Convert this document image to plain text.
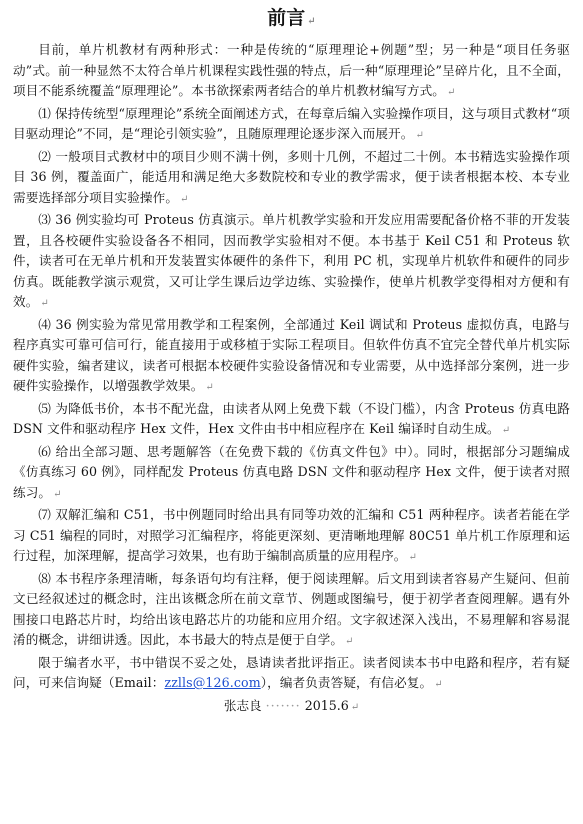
前言 ↵

目前，单片机教材有两种形式：一种是传统的“原理理论+例题”型；另一种是“项目任务驱动”式。前一种显然不太符合单片机课程实践性强的特点，后一种“原理理论”呈碎片化，且不全面，项目不能系统覆盖“原理理论”。本书欲探索两者结合的单片机教材编写方式。 ↵

⑴ 保持传统型“原理理论”系统全面阐述方式，在每章后编入实验操作项目，这与项目式教材“项目驱动理论”不同，是“理论引领实验”，且随原理理论逐步深入而展开。 ↵

⑵ 一般项目式教材中的项目少则不满十例，多则十几例，不超过二十例。本书精选实验操作项目 36 例，覆盖面广，能适用和满足绝大多数院校和专业的教学需求，便于读者根据本校、本专业需要选择部分项目实验操作。 ↵

⑶ 36 例实验均可 Proteus 仿真演示。单片机教学实验和开发应用需要配备价格不菲的开发装置，且各校硬件实验设备各不相同，因而教学实验相对不便。本书基于 Keil C51 和 Proteus 软件，读者可在无单片机和开发装置实体硬件的条件下，利用 PC 机，实现单片机软件和硬件的同步仿真。既能教学演示观赏，又可让学生课后边学边练、实验操作，使单片机教学变得相对方便和有效。 ↵

⑷ 36 例实验为常见常用教学和工程案例，全部通过 Keil 调试和 Proteus 虚拟仿真，电路与程序真实可靠可信可行，能直接用于或移植于实际工程项目。但软件仿真不宜完全替代单片机实际硬件实验，编者建议，读者可根据本校硬件实验设备情况和专业需要，从中选择部分案例，进一步硬件实验操作，以增强教学效果。 ↵

⑸ 为降低书价，本书不配光盘，由读者从网上免费下载（不设门槛），内含 Proteus 仿真电路 DSN 文件和驱动程序 Hex 文件，Hex 文件由书中相应程序在 Keil 编译时自动生成。 ↵

⑹ 给出全部习题、思考题解答（在免费下载的《仿真文件包》中）。同时，根据部分习题编成《仿真练习 60 例》，同样配发 Proteus 仿真电路 DSN 文件和驱动程序 Hex 文件，便于读者对照练习。 ↵

⑺ 双解汇编和 C51，书中例题同时给出具有同等功效的汇编和 C51 两种程序。读者若能在学习 C51 编程的同时，对照学习汇编程序，将能更深刻、更清晰地理解 80C51 单片机工作原理和运行过程，加深理解，提高学习效果，也有助于编制高质量的应用程序。 ↵

⑻ 本书程序条理清晰，每条语句均有注释，便于阅读理解。后文用到读者容易产生疑问、但前文已经叙述过的概念时，注出该概念所在前文章节、例题或图编号，便于初学者查阅理解。遇有外围接口电路芯片时，均给出该电路芯片的功能和应用介绍。文字叙述深入浅出，不易理解和容易混淆的概念，讲细讲透。因此，本书最大的特点是便于自学。 ↵

限于编者水平，书中错误不妥之处，恳请读者批评指正。读者阅读本书中电路和程序，若有疑问，可来信询疑（Email：zzlls@126.com），编者负责答疑，有信必复。 ↵

张志良 ······· 2015.6 ↵
